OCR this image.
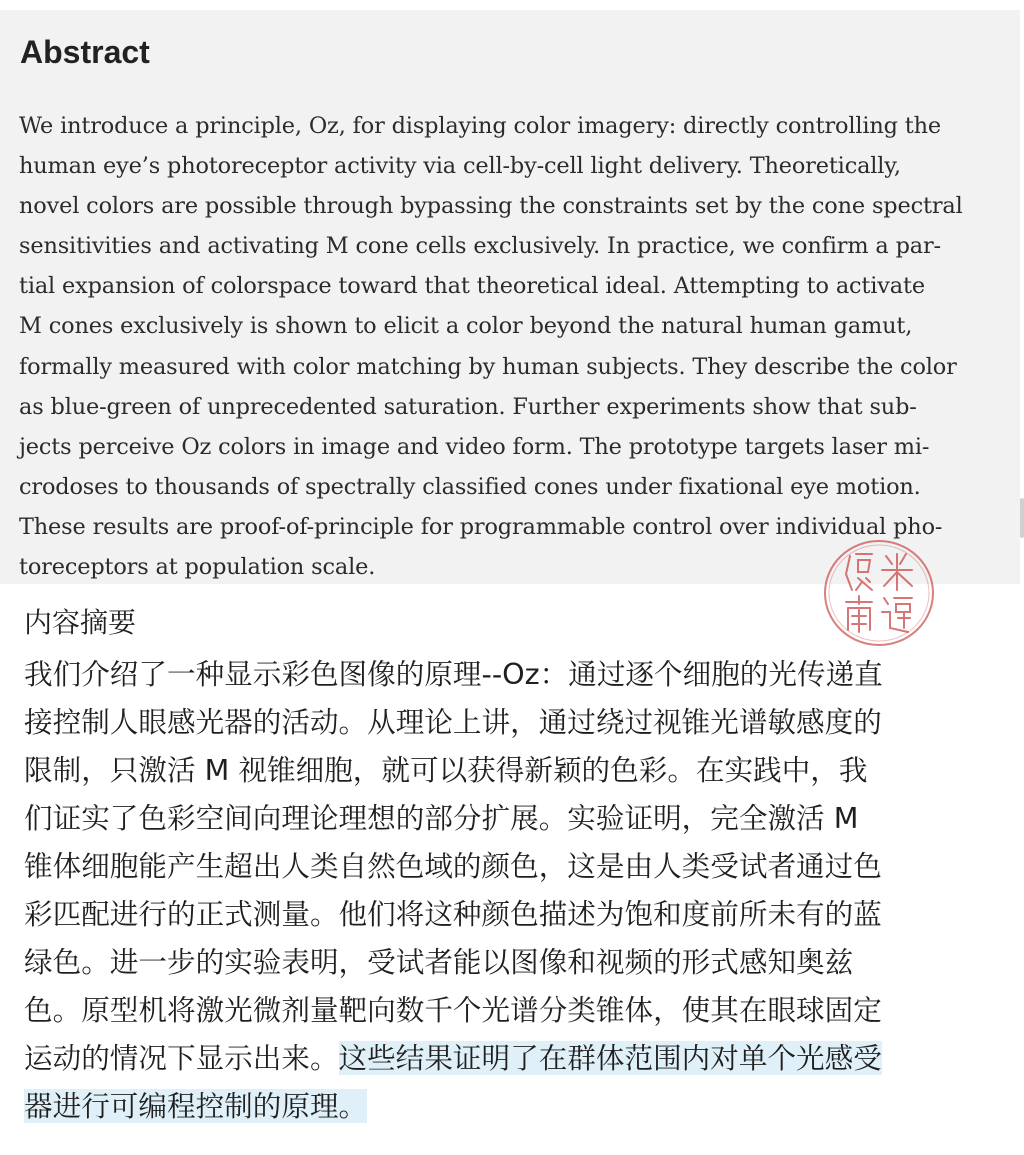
Abstract
We introduce a principle, Oz, for displaying color imagery: directly controlling the
human eye’s photoreceptor activity via cell-by-cell light delivery. Theoretically,
novel colors are possible through bypassing the constraints set by the cone spectral
sensitivities and activating M cone cells exclusively. In practice, we confirm a par-
tial expansion of colorspace toward that theoretical ideal. Attempting to activate
M cones exclusively is shown to elicit a color beyond the natural human gamut,
formally measured with color matching by human subjects. They describe the color
as blue-green of unprecedented saturation. Further experiments show that sub-
jects perceive Oz colors in image and video form. The prototype targets laser mi-
crodoses to thousands of spectrally classified cones under fixational eye motion.
These results are proof-of-principle for programmable control over individual pho-
toreceptors at population scale.
内容摘要
我们介绍了一种显示彩色图像的原理--Oz：通过逐个细胞的光传递直
接控制人眼感光器的活动。从理论上讲，通过绕过视锥光谱敏感度的
限制，只激活 M 视锥细胞，就可以获得新颖的色彩。在实践中，我
们证实了色彩空间向理论理想的部分扩展。实验证明，完全激活 M
锥体细胞能产生超出人类自然色域的颜色，这是由人类受试者通过色
彩匹配进行的正式测量。他们将这种颜色描述为饱和度前所未有的蓝
绿色。进一步的实验表明，受试者能以图像和视频的形式感知奥兹
色。原型机将激光微剂量靶向数千个光谱分类锥体，使其在眼球固定
运动的情况下显示出来。这些结果证明了在群体范围内对单个光感受
器进行可编程控制的原理。
